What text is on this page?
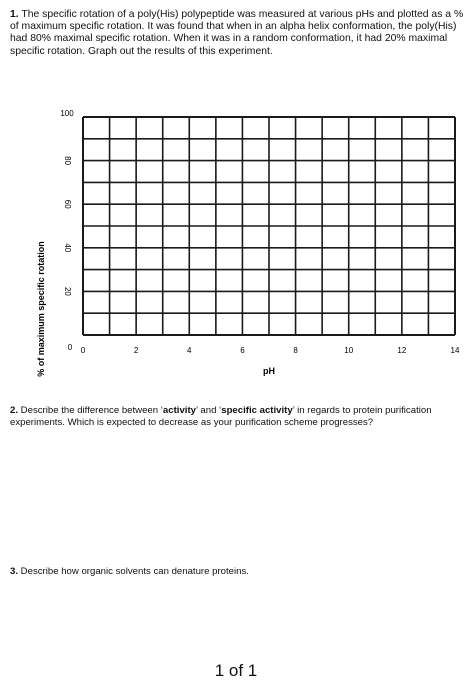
1. The specific rotation of a poly(His) polypeptide was measured at various pHs and plotted as a % of maximum specific rotation. It was found that when in an alpha helix conformation, the poly(His) had 80% maximal specific rotation. When it was in a random conformation, it had 20% maximal specific rotation. Graph out the results of this experiment.

0
20
40
60
80
100
0	2	4	6	8	10	12	14
pH
% of maximum specific rotation

2. Describe the difference between ‘activity’ and ‘specific activity’ in regards to protein purification experiments. Which is expected to decrease as your purification scheme progresses?

3. Describe how organic solvents can denature proteins.

1 of 1
